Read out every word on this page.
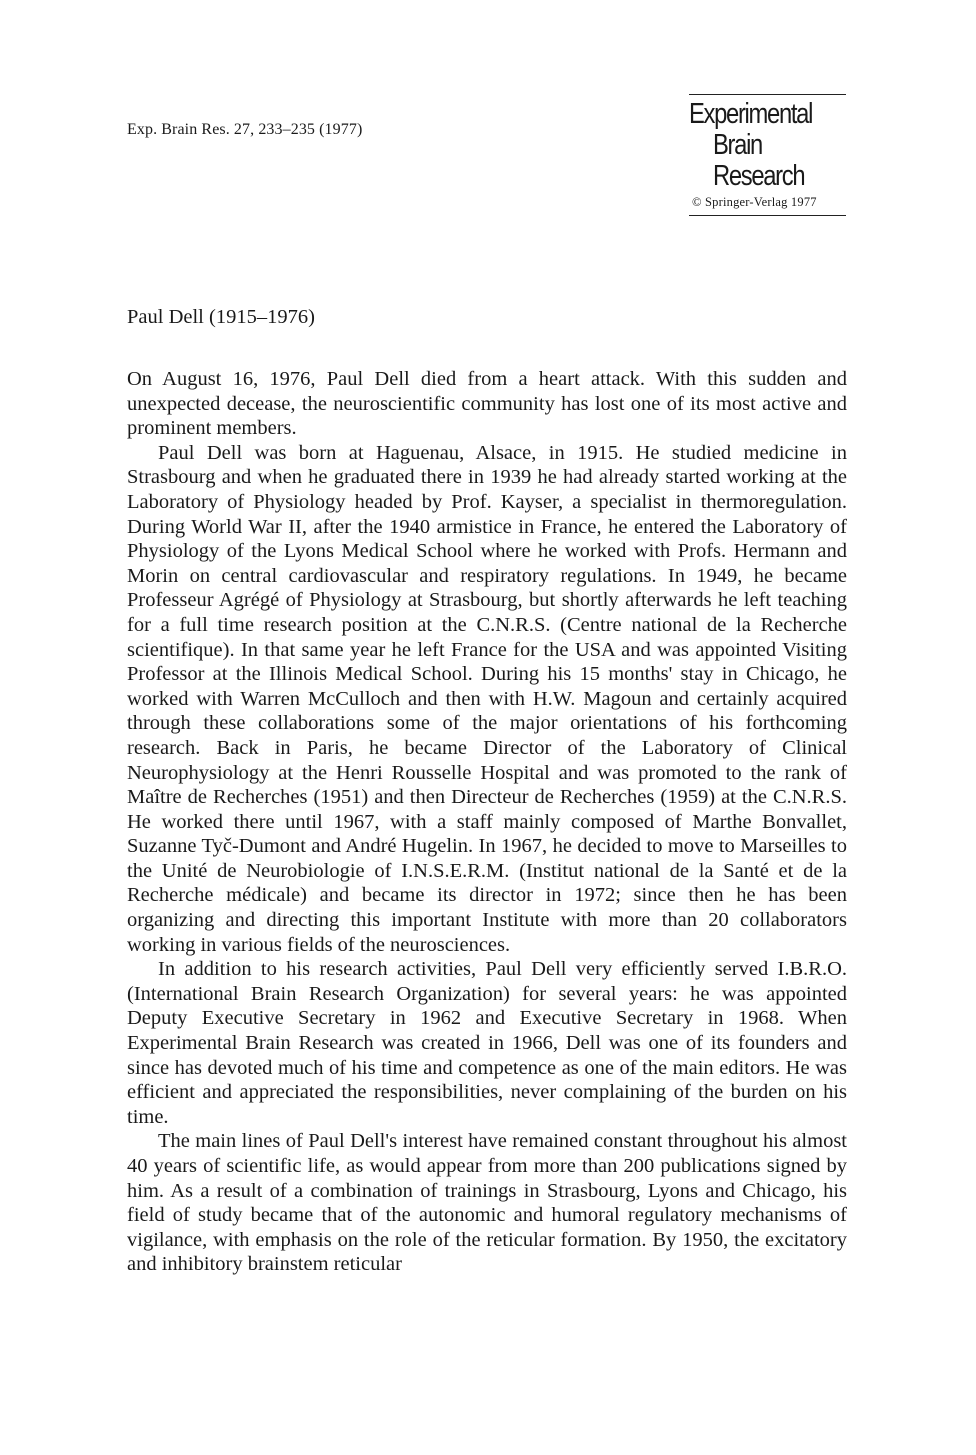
Exp. Brain Res. 27, 233–235 (1977)	Experimental
Brain
Research
© Springer-Verlag 1977
Paul Dell (1915–1976)

On August 16, 1976, Paul Dell died from a heart attack. With this sudden and unexpected decease, the neuroscientific community has lost one of its most active and prominent members.

Paul Dell was born at Haguenau, Alsace, in 1915. He studied medicine in Strasbourg and when he graduated there in 1939 he had already started working at the Laboratory of Physiology headed by Prof. Kayser, a specialist in thermoregulation. During World War II, after the 1940 armistice in France, he entered the Laboratory of Physiology of the Lyons Medical School where he worked with Profs. Hermann and Morin on central cardiovascular and respiratory regulations. In 1949, he became Professeur Agrégé of Physiology at Strasbourg, but shortly afterwards he left teaching for a full time research position at the C.N.R.S. (Centre national de la Recherche scientifique). In that same year he left France for the USA and was appointed Visiting Professor at the Illinois Medical School. During his 15 months' stay in Chicago, he worked with Warren McCulloch and then with H.W. Magoun and certainly acquired through these collaborations some of the major orientations of his forthcoming research. Back in Paris, he became Director of the Laboratory of Clinical Neurophysiology at the Henri Rousselle Hospital and was promoted to the rank of Maître de Recherches (1951) and then Directeur de Recherches (1959) at the C.N.R.S. He worked there until 1967, with a staff mainly composed of Marthe Bonvallet, Suzanne Tyč-Dumont and André Hugelin. In 1967, he decided to move to Marseilles to the Unité de Neurobiologie of I.N.S.E.R.M. (Institut national de la Santé et de la Recherche médicale) and became its director in 1972; since then he has been organizing and directing this important Institute with more than 20 collaborators working in various fields of the neurosciences.

In addition to his research activities, Paul Dell very efficiently served I.B.R.O. (International Brain Research Organization) for several years: he was appointed Deputy Executive Secretary in 1962 and Executive Secretary in 1968. When Experimental Brain Research was created in 1966, Dell was one of its founders and since has devoted much of his time and competence as one of the main editors. He was efficient and appreciated the responsibilities, never complaining of the burden on his time.

The main lines of Paul Dell's interest have remained constant throughout his almost 40 years of scientific life, as would appear from more than 200 publications signed by him. As a result of a combination of trainings in Strasbourg, Lyons and Chicago, his field of study became that of the autonomic and humoral regulatory mechanisms of vigilance, with emphasis on the role of the reticular formation. By 1950, the excitatory and inhibitory brainstem reticular
